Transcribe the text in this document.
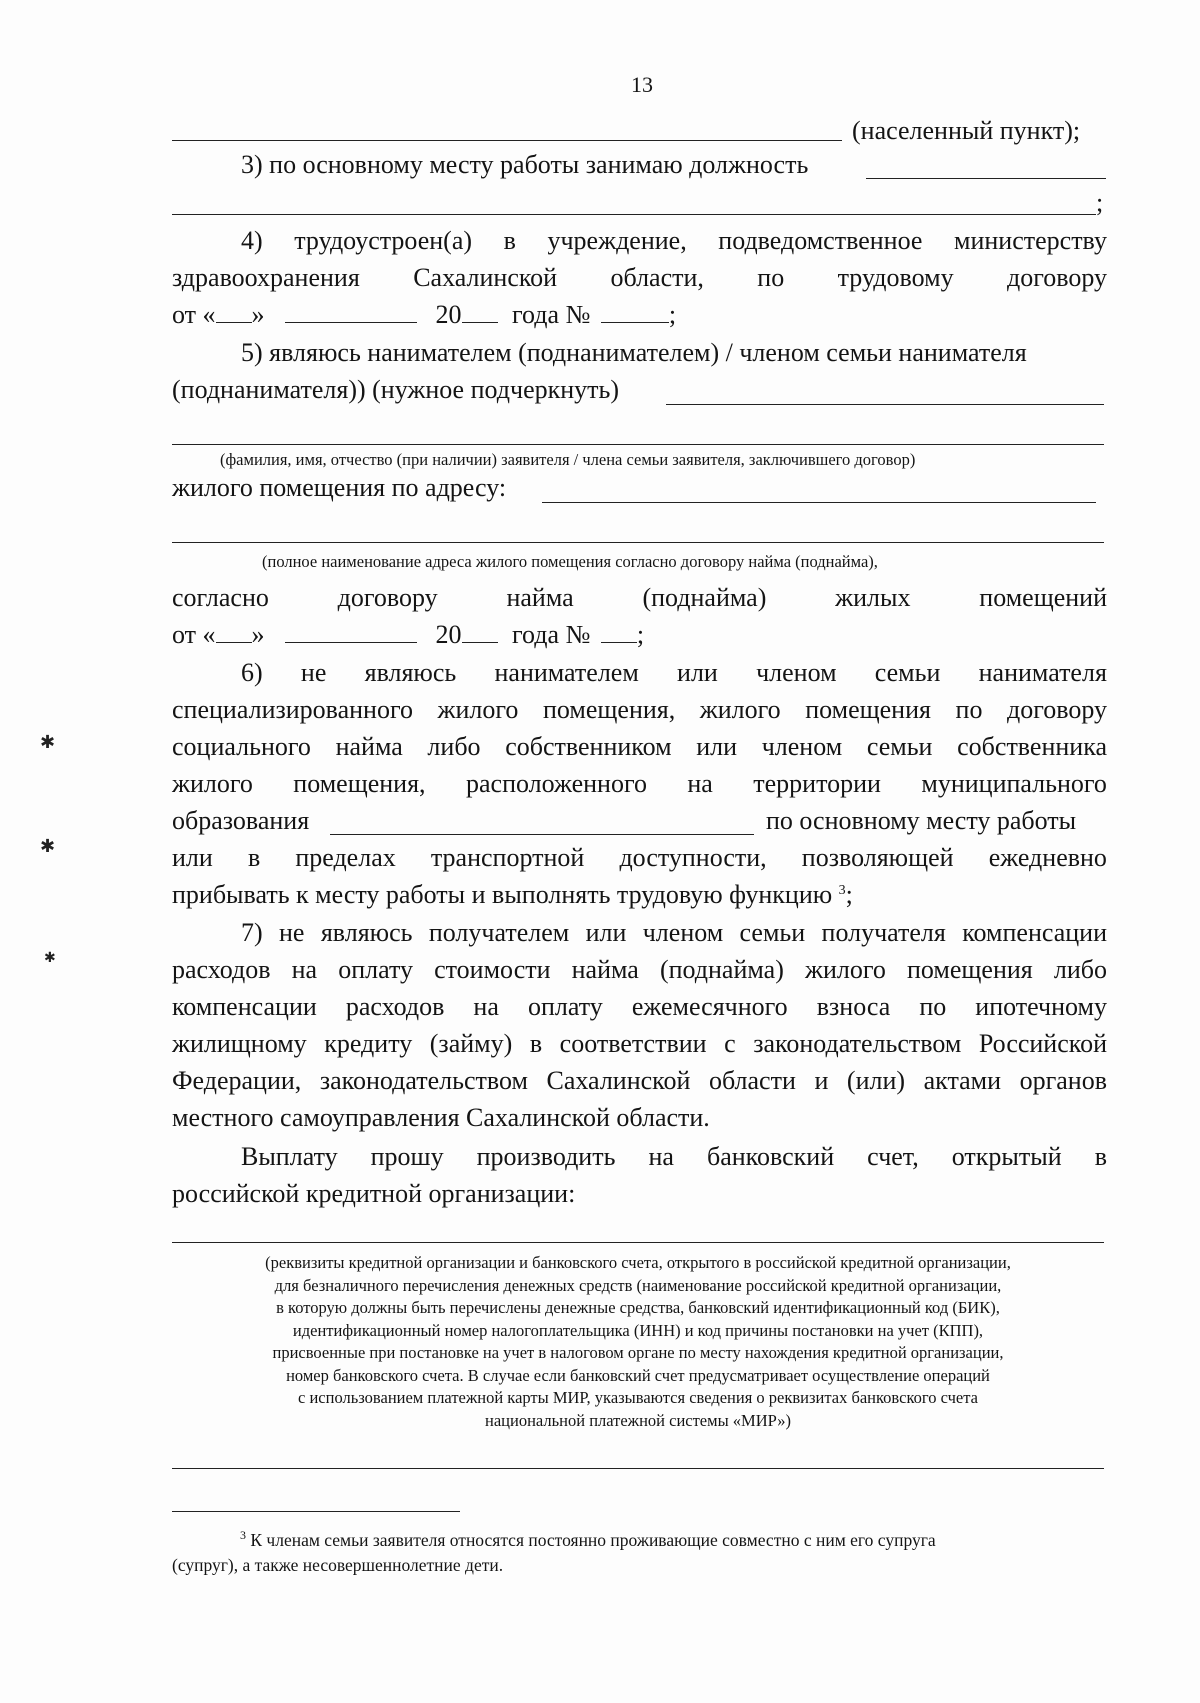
13
(населенный пункт);
3) по основному месту работы занимаю должность
;
4) трудоустроен(а) в учреждение, подведомственное министерству
здравоохранения Сахалинской области, по трудовому договору
от « »	20 года №	;
5) являюсь нанимателем (поднанимателем) / членом семьи нанимателя
(поднанимателя)) (нужное подчеркнуть)
(фамилия, имя, отчество (при наличии) заявителя / члена семьи заявителя, заключившего договор)
жилого помещения по адресу:
(полное наименование адреса жилого помещения согласно договору найма (поднайма),
согласно	договору	найма	(поднайма)	жилых	помещений
от « »	20 года № ;
6) не являюсь нанимателем или членом семьи нанимателя
специализированного жилого помещения, жилого помещения по договору
социального найма либо собственником или членом семьи собственника
жилого помещения, расположенного на территории муниципального
образования	по основному месту работы
или в пределах транспортной доступности, позволяющей ежедневно
прибывать к месту работы и выполнять трудовую функцию $^3$;
7) не являюсь получателем или членом семьи получателя компенсации
расходов на оплату стоимости найма (поднайма) жилого помещения либо
компенсации расходов на оплату ежемесячного взноса по ипотечному
жилищному кредиту (займу) в соответствии с законодательством Российской
Федерации, законодательством Сахалинской области и (или) актами органов
местного самоуправления Сахалинской области.
Выплату прошу производить на банковский счет, открытый в
российской кредитной организации:
(реквизиты кредитной организации и банковского счета, открытого в российской кредитной организации,
для безналичного перечисления денежных средств (наименование российской кредитной организации,
в которую должны быть перечислены денежные средства, банковский идентификационный код (БИК),
идентификационный номер налогоплательщика (ИНН) и код причины постановки на учет (КПП),
присвоенные при постановке на учет в налоговом органе по месту нахождения кредитной организации,
номер банковского счета. В случае если банковский счет предусматривает осуществление операций
с использованием платежной карты МИР, указываются сведения о реквизитах банковского счета
национальной платежной системы «МИР»)
$^3$ К членам семьи заявителя относятся постоянно проживающие совместно с ним его супруга
(супруг), а также несовершеннолетние дети.
✱
✱
✱
